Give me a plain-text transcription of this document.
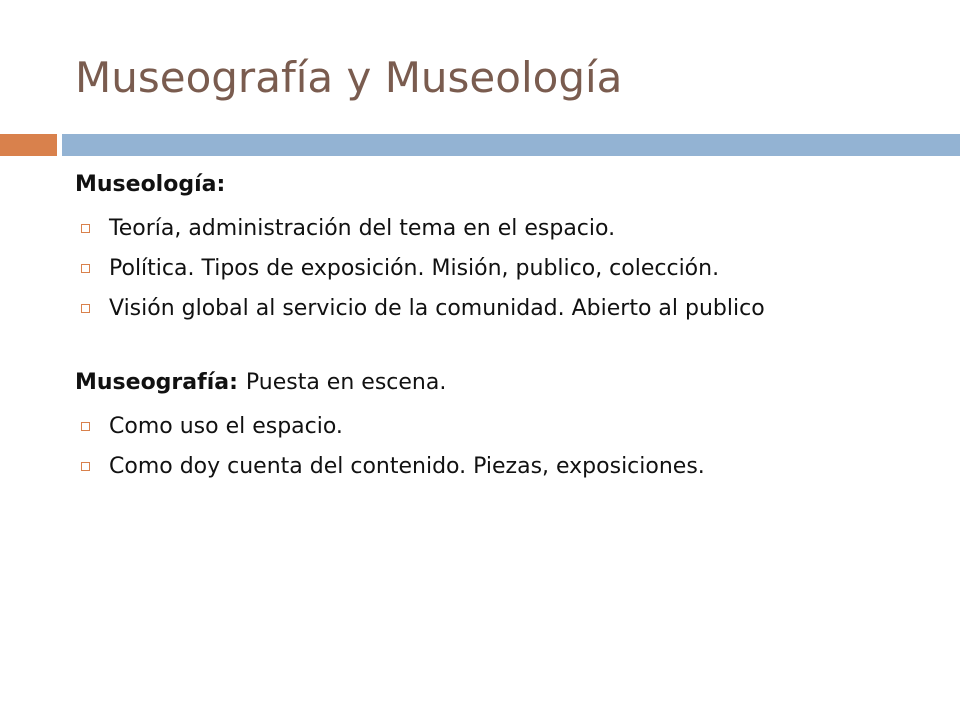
Museografía y Museología
Museología:
Teoría, administración del tema en el espacio.
Política. Tipos de exposición. Misión, publico, colección.
Visión global al servicio de la comunidad. Abierto al publico
Museografía: Puesta en escena.
Como uso el espacio.
Como doy cuenta del contenido. Piezas, exposiciones.
